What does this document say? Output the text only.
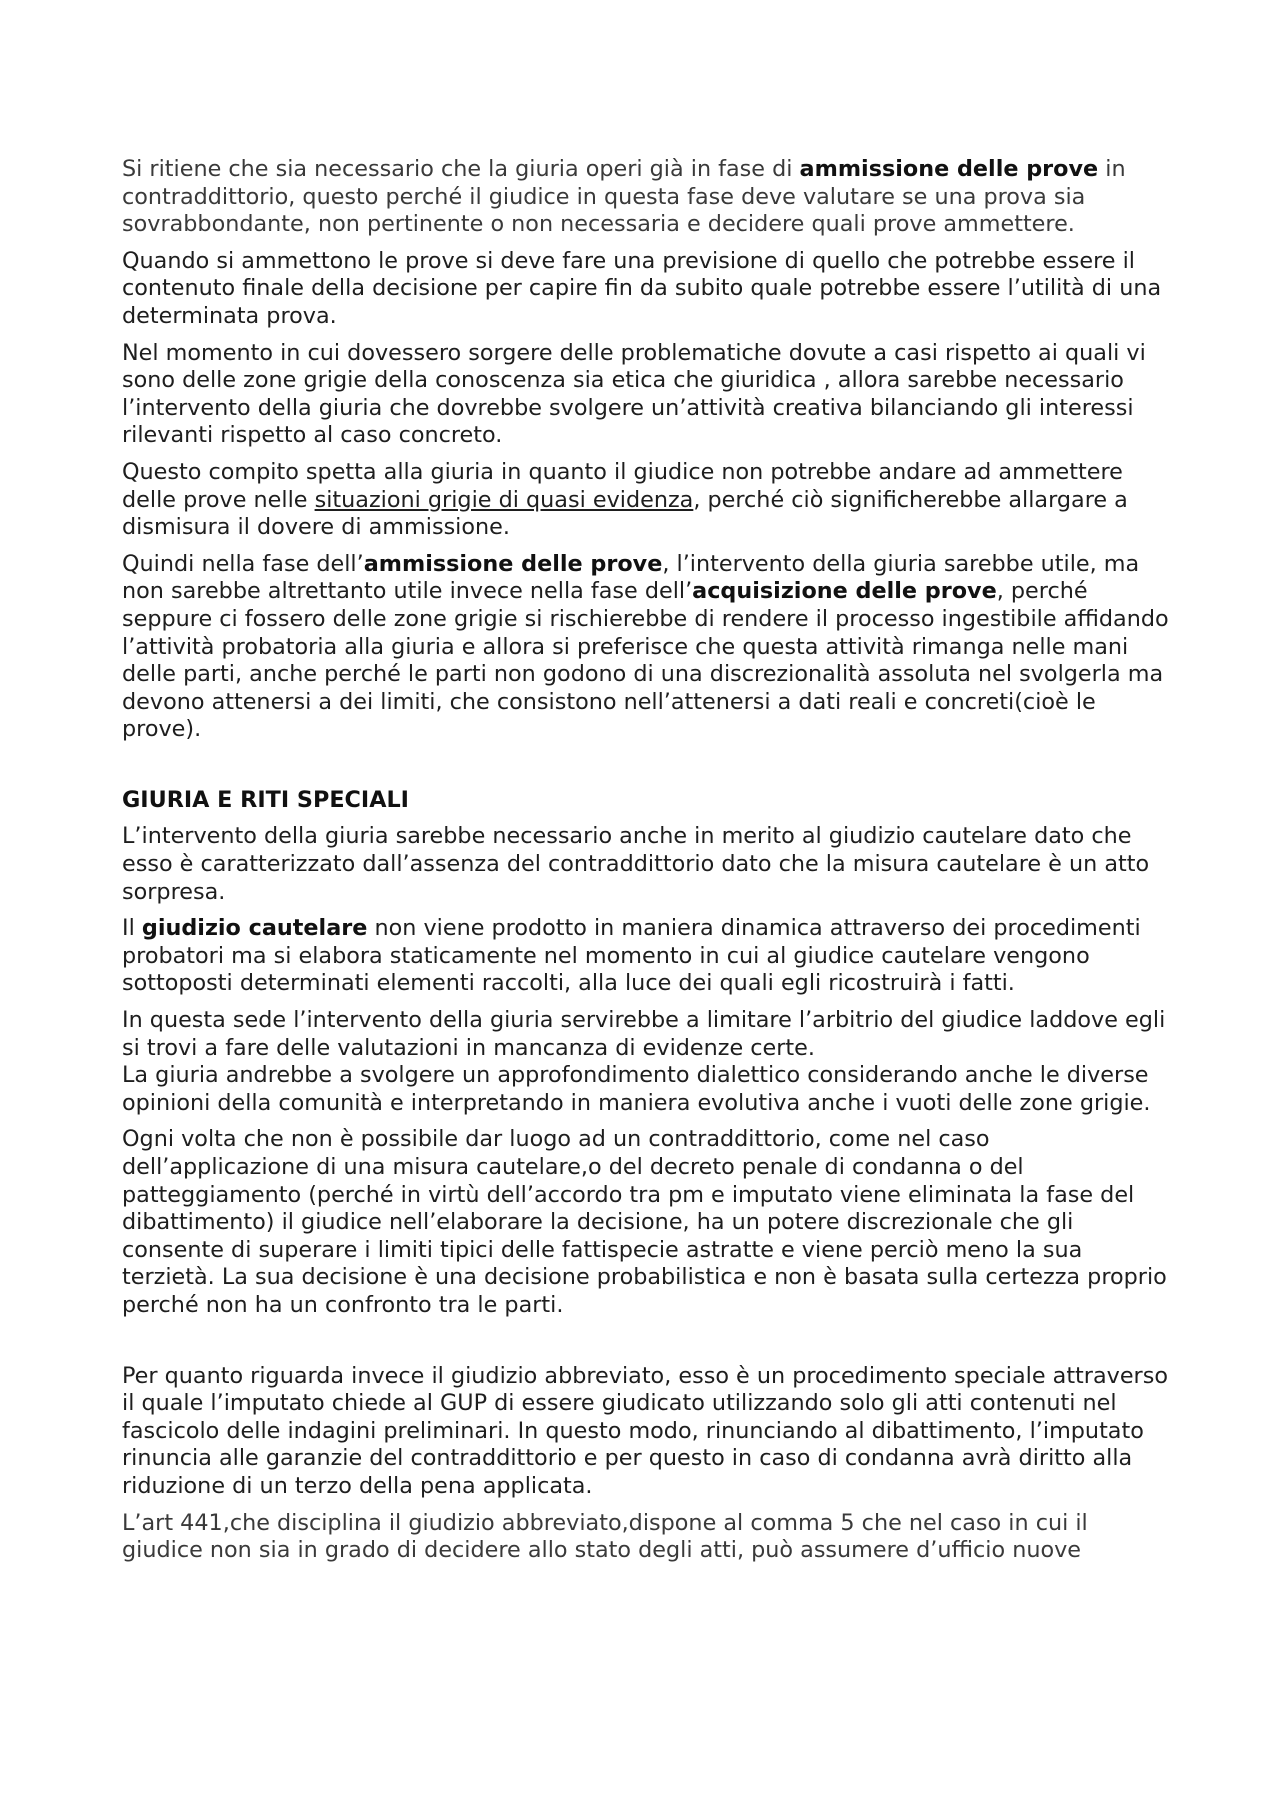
Si ritiene che sia necessario che la giuria operi già in fase di ammissione delle prove in contraddittorio, questo perché il giudice in questa fase deve valutare se una prova sia sovrabbondante, non pertinente o non necessaria e decidere quali prove ammettere.

Quando si ammettono le prove si deve fare una previsione di quello che potrebbe essere il contenuto finale della decisione per capire fin da subito quale potrebbe essere l’utilità di una determinata prova.

Nel momento in cui dovessero sorgere delle problematiche dovute a casi rispetto ai quali vi sono delle zone grigie della conoscenza sia etica che giuridica , allora sarebbe necessario l’intervento della giuria che dovrebbe svolgere un’attività creativa bilanciando gli interessi rilevanti rispetto al caso concreto.

Questo compito spetta alla giuria in quanto il giudice non potrebbe andare ad ammettere delle prove nelle situazioni grigie di quasi evidenza, perché ciò significherebbe allargare a dismisura il dovere di ammissione.

Quindi nella fase dell’ammissione delle prove, l’intervento della giuria sarebbe utile, ma non sarebbe altrettanto utile invece nella fase dell’acquisizione delle prove, perché seppure ci fossero delle zone grigie si rischierebbe di rendere il processo ingestibile affidando l’attività probatoria alla giuria e allora si preferisce che questa attività rimanga nelle mani delle parti, anche perché le parti non godono di una discrezionalità assoluta nel svolgerla ma devono attenersi a dei limiti, che consistono nell’attenersi a dati reali e concreti(cioè le prove).

GIURIA E RITI SPECIALI

L’intervento della giuria sarebbe necessario anche in merito al giudizio cautelare dato che esso è caratterizzato dall’assenza del contraddittorio dato che la misura cautelare è un atto sorpresa.

Il giudizio cautelare non viene prodotto in maniera dinamica attraverso dei procedimenti probatori ma si elabora staticamente nel momento in cui al giudice cautelare vengono sottoposti determinati elementi raccolti, alla luce dei quali egli ricostruirà i fatti.

In questa sede l’intervento della giuria servirebbe a limitare l’arbitrio del giudice laddove egli si trovi a fare delle valutazioni in mancanza di evidenze certe.
La giuria andrebbe a svolgere un approfondimento dialettico considerando anche le diverse opinioni della comunità e interpretando in maniera evolutiva anche i vuoti delle zone grigie.

Ogni volta che non è possibile dar luogo ad un contraddittorio, come nel caso dell’applicazione di una misura cautelare,o del decreto penale di condanna o del patteggiamento (perché in virtù dell’accordo tra pm e imputato viene eliminata la fase del dibattimento) il giudice nell’elaborare la decisione, ha un potere discrezionale che gli consente di superare i limiti tipici delle fattispecie astratte e viene perciò meno la sua terzietà. La sua decisione è una decisione probabilistica e non è basata sulla certezza proprio perché non ha un confronto tra le parti.

Per quanto riguarda invece il giudizio abbreviato, esso è un procedimento speciale attraverso il quale l’imputato chiede al GUP di essere giudicato utilizzando solo gli atti contenuti nel fascicolo delle indagini preliminari. In questo modo, rinunciando al dibattimento, l’imputato rinuncia alle garanzie del contraddittorio e per questo in caso di condanna avrà diritto alla riduzione di un terzo della pena applicata.

L’art 441,che disciplina il giudizio abbreviato,dispone al comma 5 che nel caso in cui il giudice non sia in grado di decidere allo stato degli atti, può assumere d’ufficio nuove
